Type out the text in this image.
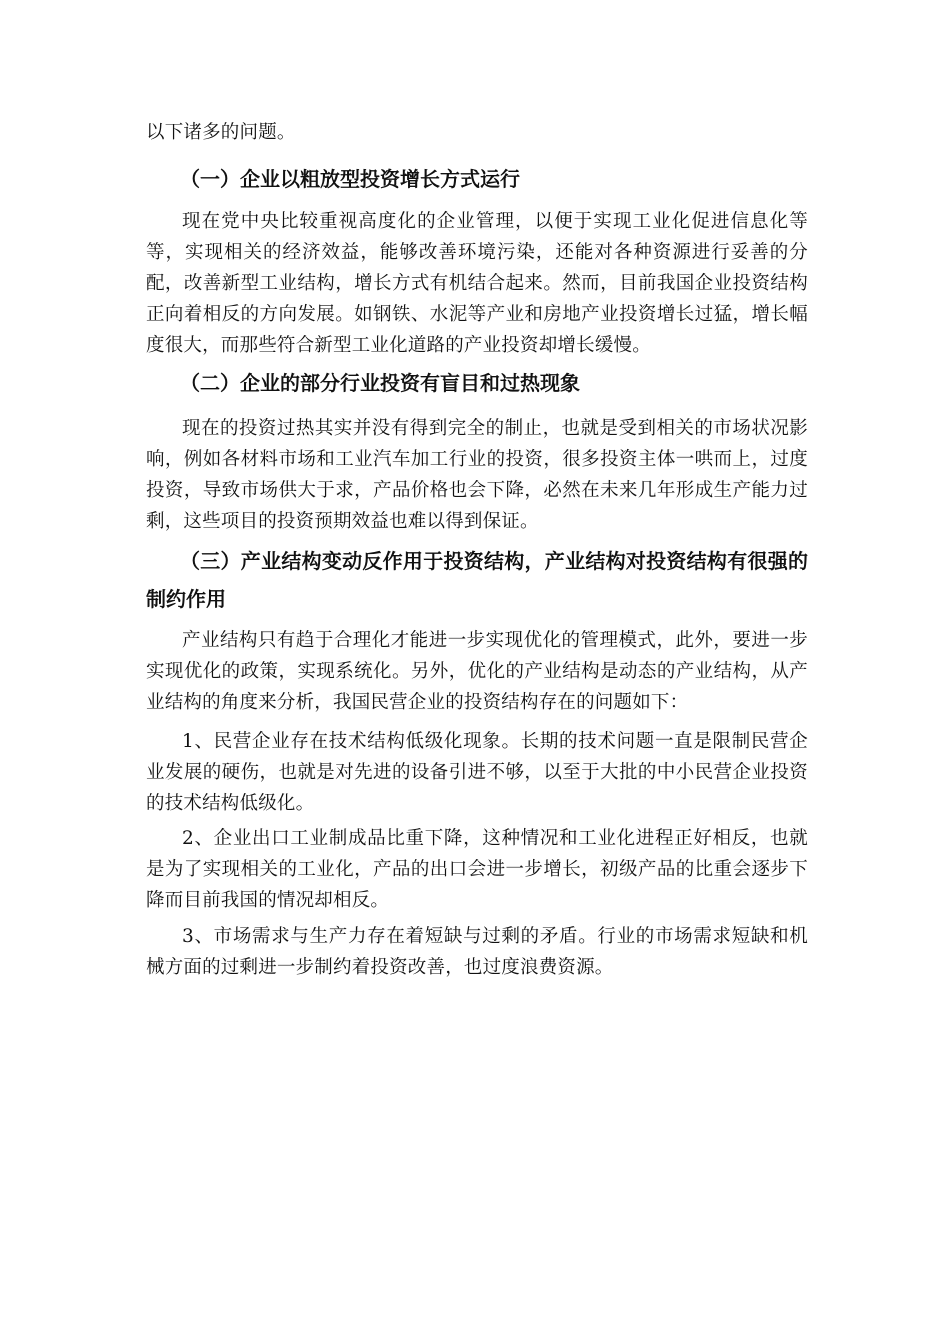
以下诸多的问题。

（一）企业以粗放型投资增长方式运行

现在党中央比较重视高度化的企业管理，以便于实现工业化促进信息化等等，实现相关的经济效益，能够改善环境污染，还能对各种资源进行妥善的分配，改善新型工业结构，增长方式有机结合起来。然而，目前我国企业投资结构正向着相反的方向发展。如钢铁、水泥等产业和房地产业投资增长过猛，增长幅度很大，而那些符合新型工业化道路的产业投资却增长缓慢。

（二）企业的部分行业投资有盲目和过热现象

现在的投资过热其实并没有得到完全的制止，也就是受到相关的市场状况影响，例如各材料市场和工业汽车加工行业的投资，很多投资主体一哄而上，过度投资，导致市场供大于求，产品价格也会下降，必然在未来几年形成生产能力过剩，这些项目的投资预期效益也难以得到保证。

（三）产业结构变动反作用于投资结构，产业结构对投资结构有很强的制约作用

产业结构只有趋于合理化才能进一步实现优化的管理模式，此外，要进一步实现优化的政策，实现系统化。另外，优化的产业结构是动态的产业结构，从产业结构的角度来分析，我国民营企业的投资结构存在的问题如下：

1、民营企业存在技术结构低级化现象。长期的技术问题一直是限制民营企业发展的硬伤，也就是对先进的设备引进不够，以至于大批的中小民营企业投资的技术结构低级化。

2、企业出口工业制成品比重下降，这种情况和工业化进程正好相反，也就是为了实现相关的工业化，产品的出口会进一步增长，初级产品的比重会逐步下降而目前我国的情况却相反。

3、市场需求与生产力存在着短缺与过剩的矛盾。行业的市场需求短缺和机械方面的过剩进一步制约着投资改善，也过度浪费资源。
